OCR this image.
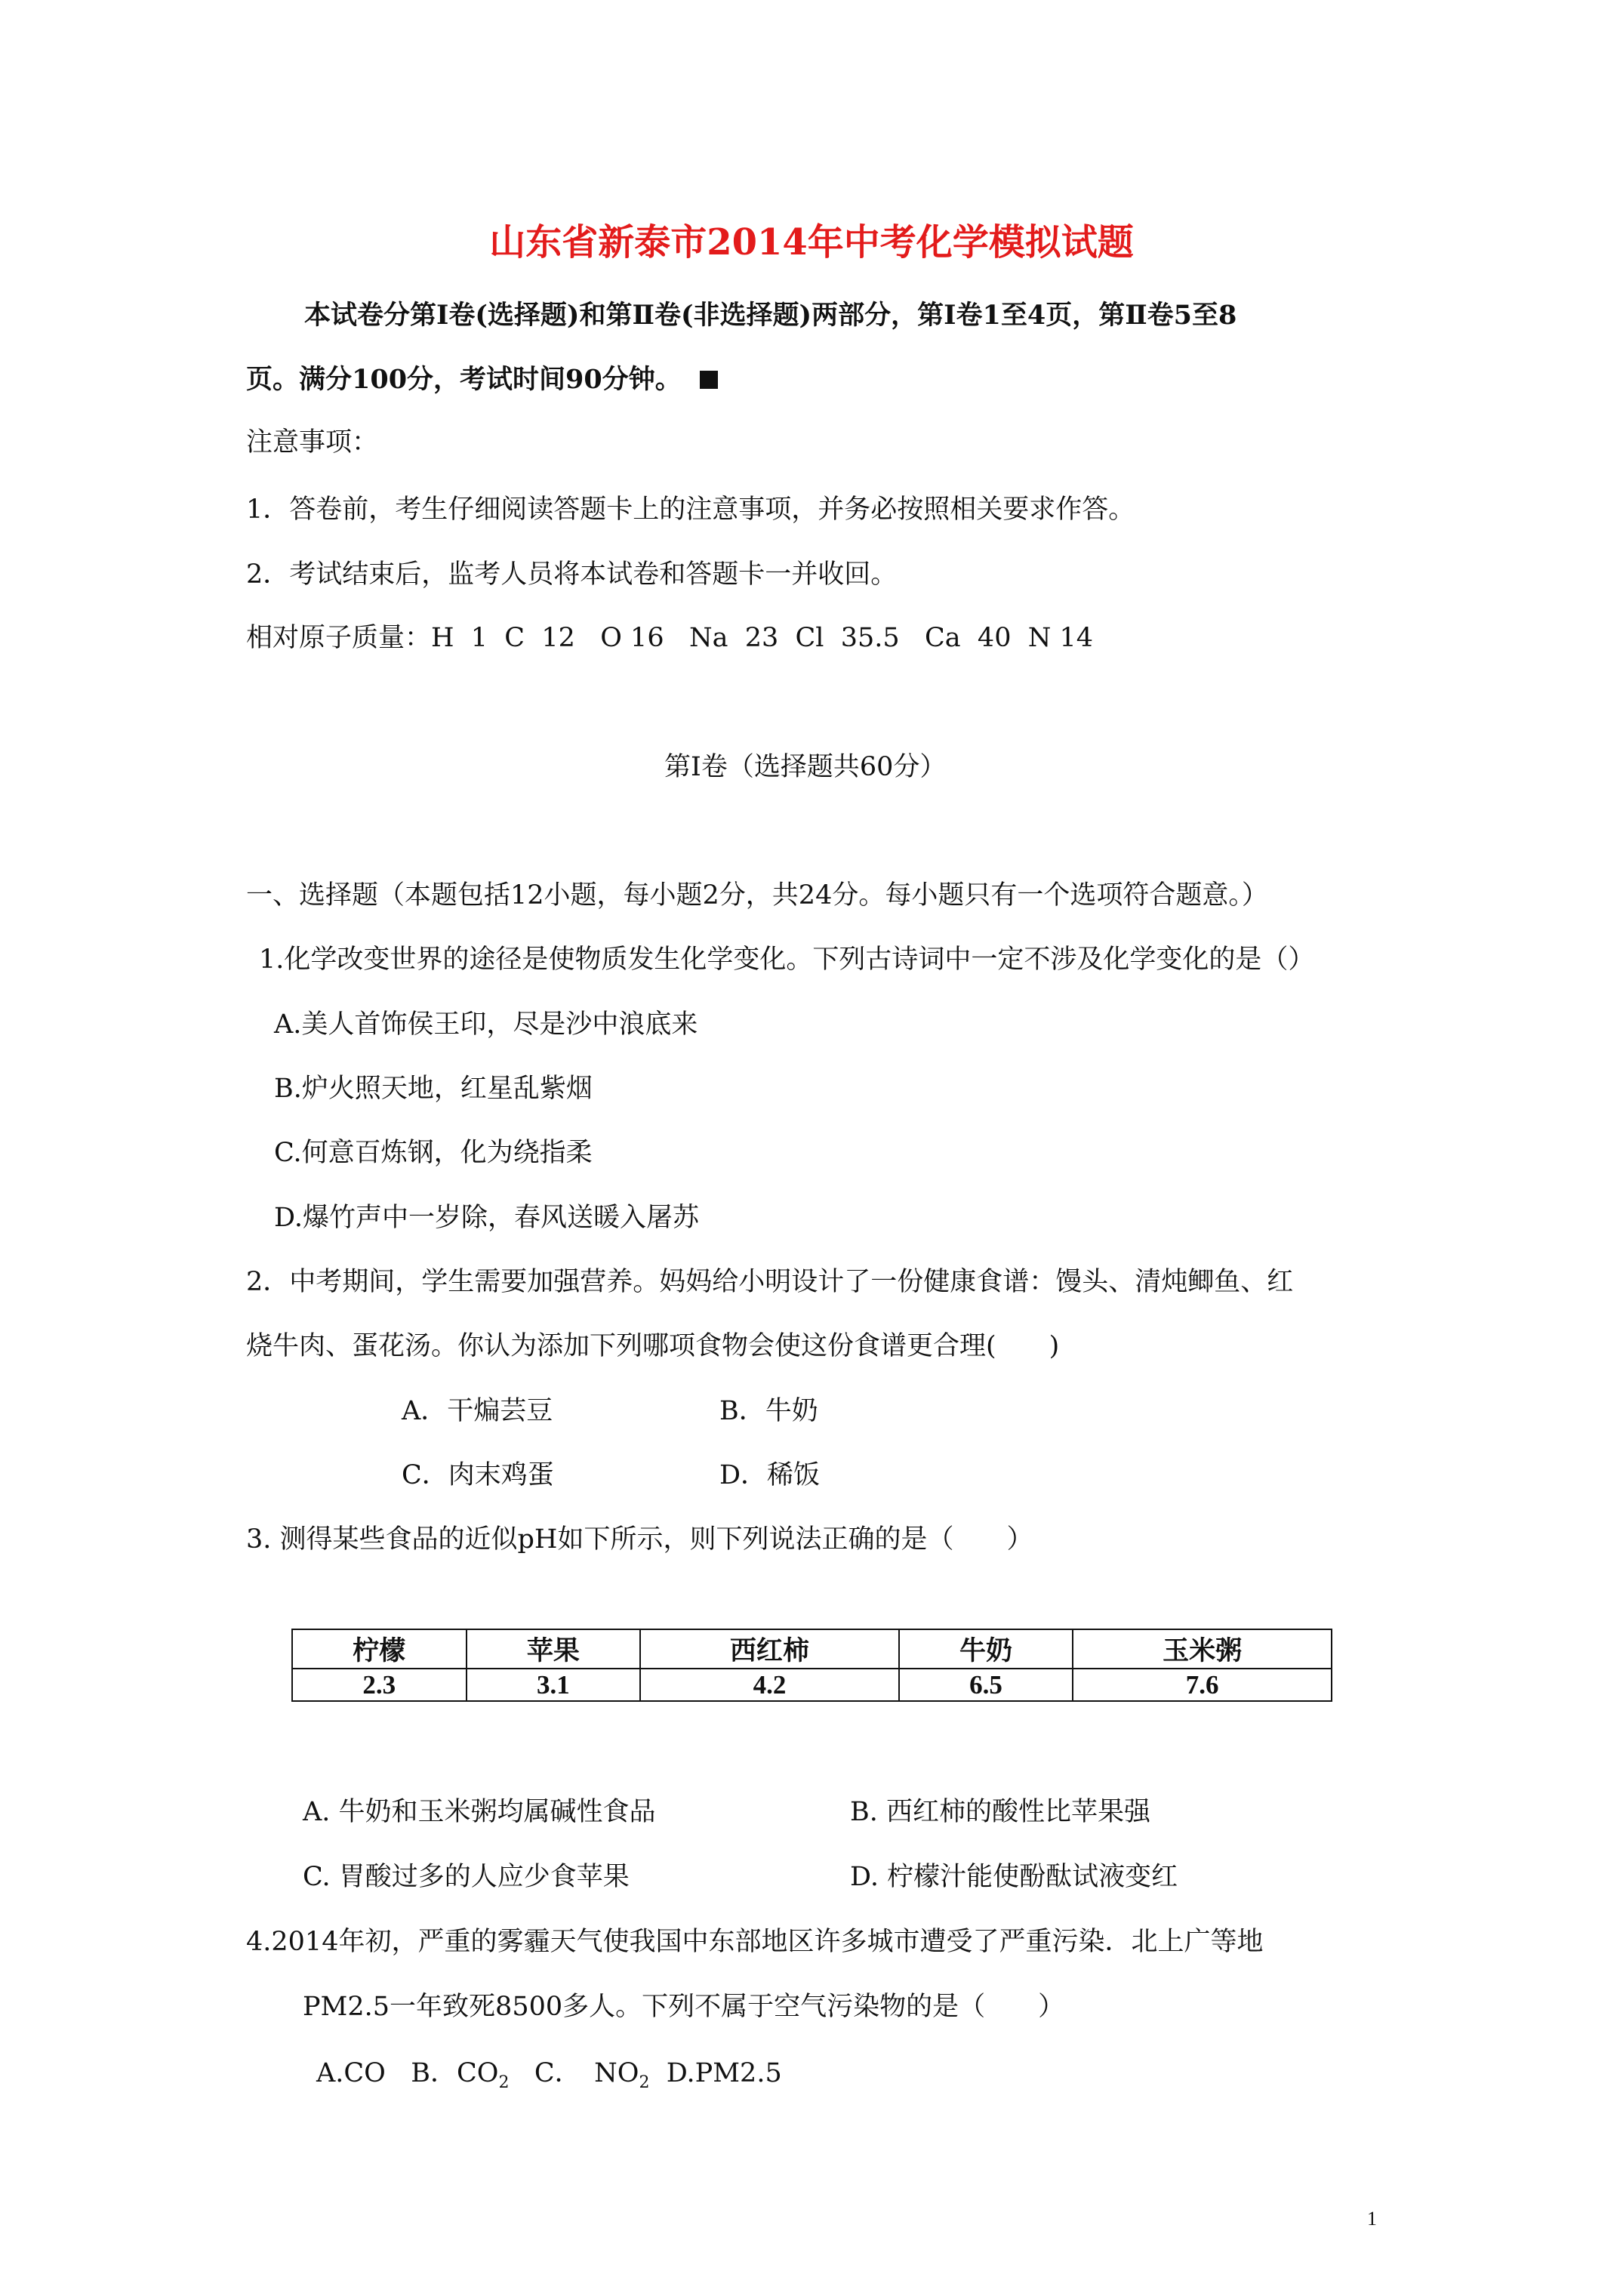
山东省新泰市2014年中考化学模拟试题
本试卷分第Ⅰ卷(选择题)和第Ⅱ卷(非选择题)两部分，第Ⅰ卷1至4页，第Ⅱ卷5至8
页。满分100分，考试时间90分钟。
注意事项：
1．答卷前，考生仔细阅读答题卡上的注意事项，并务必按照相关要求作答。
2．考试结束后，监考人员将本试卷和答题卡一并收回。
相对原子质量：H  1  C  12   O 16   Na  23  Cl  35.5   Ca  40  N 14
第Ⅰ卷（选择题共60分）
一、选择题（本题包括12小题，每小题2分，共24分。每小题只有一个选项符合题意。）
1.化学改变世界的途径是使物质发生化学变化。下列古诗词中一定不涉及化学变化的是（）
A.美人首饰侯王印，尽是沙中浪底来
B.炉火照天地，红星乱紫烟
C.何意百炼钢，化为绕指柔
D.爆竹声中一岁除，春风送暖入屠苏
2．中考期间，学生需要加强营养。妈妈给小明设计了一份健康食谱：馒头、清炖鲫鱼、红
烧牛肉、蛋花汤。你认为添加下列哪项食物会使这份食谱更合理(　　)
A．干煸芸豆	B．牛奶
C．肉末鸡蛋	D．稀饭
3. 测得某些食品的近似pH如下所示，则下列说法正确的是（　　）
柠檬	苹果	西红柿	牛奶	玉米粥
2.3	3.1	4.2	6.5	7.6
A. 牛奶和玉米粥均属碱性食品	B. 西红柿的酸性比苹果强
C. 胃酸过多的人应少食苹果	D. 柠檬汁能使酚酞试液变红
4.2014年初，严重的雾霾天气使我国中东部地区许多城市遭受了严重污染．北上广等地
PM2.5一年致死8500多人。下列不属于空气污染物的是（　　）
A.CO B．$CO_2$ C．　$NO_2$ D.PM2.5
1
